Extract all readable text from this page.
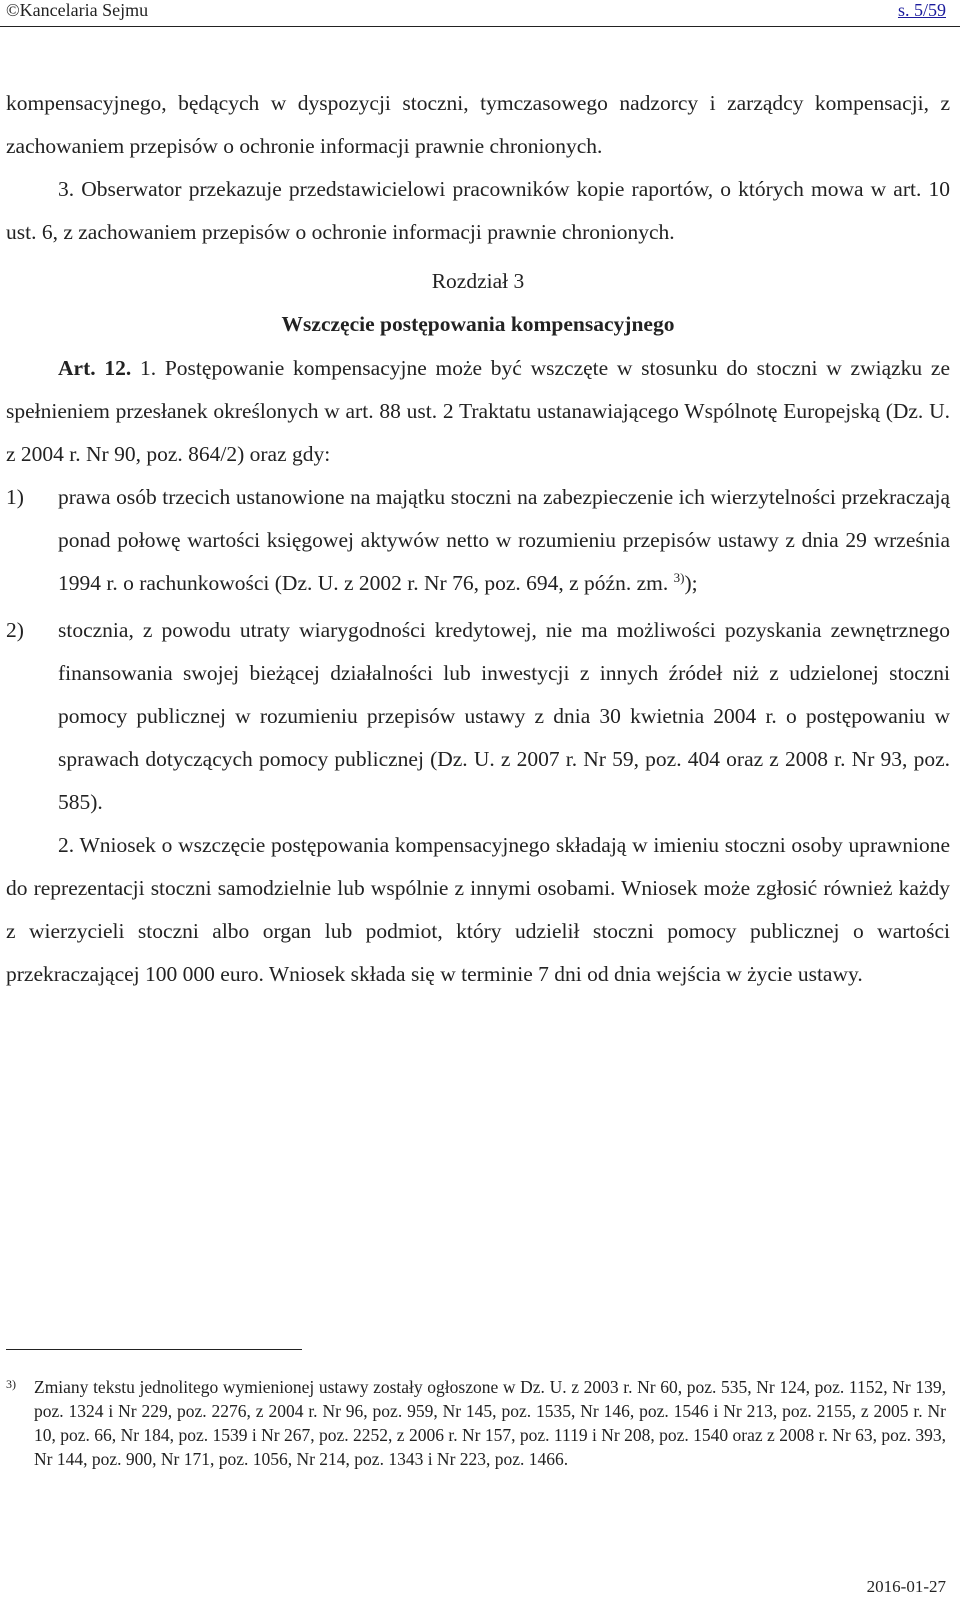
©Kancelaria Sejmu	s. 5/59

kompensacyjnego, będących w dyspozycji stoczni, tymczasowego nadzorcy i zarządcy kompensacji, z zachowaniem przepisów o ochronie informacji prawnie chronionych.

3. Obserwator przekazuje przedstawicielowi pracowników kopie raportów, o których mowa w art. 10 ust. 6, z zachowaniem przepisów o ochronie informacji prawnie chronionych.

Rozdział 3

Wszczęcie postępowania kompensacyjnego

Art. 12. 1. Postępowanie kompensacyjne może być wszczęte w stosunku do stoczni w związku ze spełnieniem przesłanek określonych w art. 88 ust. 2 Traktatu ustanawiającego Wspólnotę Europejską (Dz. U. z 2004 r. Nr 90, poz. 864/2) oraz gdy:

1)	prawa osób trzecich ustanowione na majątku stoczni na zabezpieczenie ich wierzytelności przekraczają ponad połowę wartości księgowej aktywów netto w rozumieniu przepisów ustawy z dnia 29 września 1994 r. o rachunkowości (Dz. U. z 2002 r. Nr 76, poz. 694, z późn. zm. $^{3)}$);
2)	stocznia, z powodu utraty wiarygodności kredytowej, nie ma możliwości pozyskania zewnętrznego finansowania swojej bieżącej działalności lub inwestycji z innych źródeł niż z udzielonej stoczni pomocy publicznej w rozumieniu przepisów ustawy z dnia 30 kwietnia 2004 r. o postępowaniu w sprawach dotyczących pomocy publicznej (Dz. U. z 2007 r. Nr 59, poz. 404 oraz z 2008 r. Nr 93, poz. 585).

2. Wniosek o wszczęcie postępowania kompensacyjnego składają w imieniu stoczni osoby uprawnione do reprezentacji stoczni samodzielnie lub wspólnie z innymi osobami. Wniosek może zgłosić również każdy z wierzycieli stoczni albo organ lub podmiot, który udzielił stoczni pomocy publicznej o wartości przekraczającej 100 000 euro. Wniosek składa się w terminie 7 dni od dnia wejścia w życie ustawy.

3)	Zmiany tekstu jednolitego wymienionej ustawy zostały ogłoszone w Dz. U. z 2003 r. Nr 60, poz. 535, Nr 124, poz. 1152, Nr 139, poz. 1324 i Nr 229, poz. 2276, z 2004 r. Nr 96, poz. 959, Nr 145, poz. 1535, Nr 146, poz. 1546 i Nr 213, poz. 2155, z 2005 r. Nr 10, poz. 66, Nr 184, poz. 1539 i Nr 267, poz. 2252, z 2006 r. Nr 157, poz. 1119 i Nr 208, poz. 1540 oraz z 2008 r. Nr 63, poz. 393, Nr 144, poz. 900, Nr 171, poz. 1056, Nr 214, poz. 1343 i Nr 223, poz. 1466.
2016-01-27
